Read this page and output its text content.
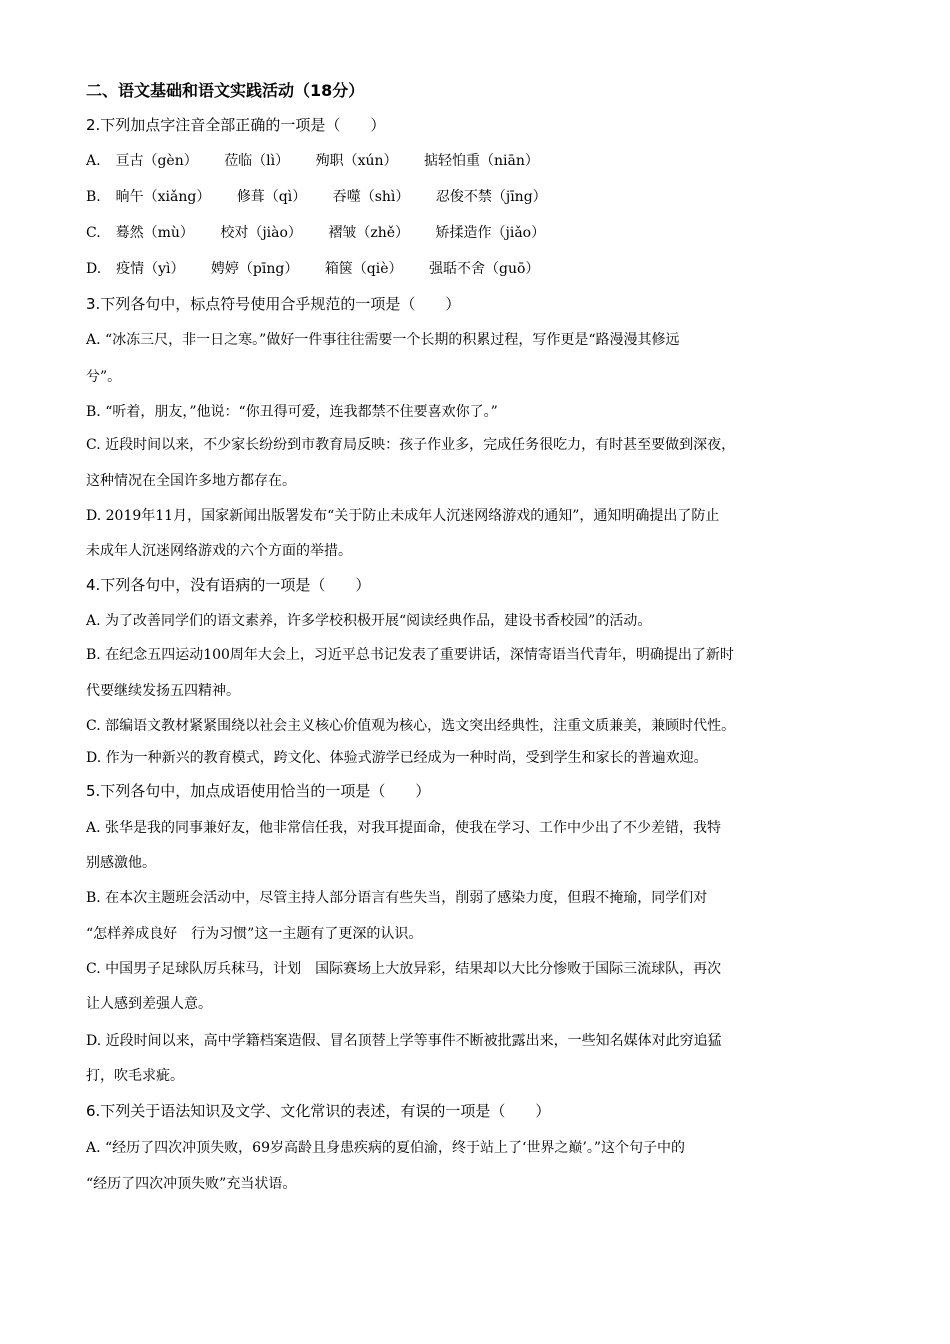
二、语文基础和语文实践活动（18分）
2.下列加点字注音全部正确的一项是（　　）
A. 亘古（gèn） 莅临（lì） 殉职（xún） 掂轻怕重（niān）
B. 晌午（xiǎng） 修葺（qì） 吞噬（shì） 忍俊不禁（jīng）
C. 蓦然（mù） 校对（jiào） 褶皱（zhě） 矫揉造作（jiǎo）
D. 疫情（yì） 娉婷（pīng） 箱箧（qiè） 强聒不舍（guō）
3.下列各句中，标点符号使用合乎规范的一项是（　　）
A. “冰冻三尺，非一日之寒。”做好一件事往往需要一个长期的积累过程，写作更是“路漫漫其修远
兮”。
B. “听着，朋友，”他说：“你丑得可爱，连我都禁不住要喜欢你了。”
C. 近段时间以来，不少家长纷纷到市教育局反映：孩子作业多，完成任务很吃力，有时甚至要做到深夜，
这种情况在全国许多地方都存在。
D. 2019年11月，国家新闻出版署发布“关于防止未成年人沉迷网络游戏的通知”，通知明确提出了防止
未成年人沉迷网络游戏的六个方面的举措。
4.下列各句中，没有语病的一项是（　　）
A. 为了改善同学们的语文素养，许多学校积极开展“阅读经典作品，建设书香校园”的活动。
B. 在纪念五四运动100周年大会上，习近平总书记发表了重要讲话，深情寄语当代青年，明确提出了新时
代要继续发扬五四精神。
C. 部编语文教材紧紧围绕以社会主义核心价值观为核心，选文突出经典性，注重文质兼美，兼顾时代性。
D. 作为一种新兴的教育模式，跨文化、体验式游学已经成为一种时尚，受到学生和家长的普遍欢迎。
5.下列各句中，加点成语使用恰当的一项是（　　）
A. 张华是我的同事兼好友，他非常信任我，对我耳提面命，使我在学习、工作中少出了不少差错，我特
别感激他。
B. 在本次主题班会活动中，尽管主持人部分语言有些失当，削弱了感染力度，但瑕不掩瑜，同学们对
“怎样养成良好　行为习惯”这一主题有了更深的认识。
C. 中国男子足球队厉兵秣马，计划　国际赛场上大放异彩，结果却以大比分惨败于国际三流球队，再次
让人感到差强人意。
D. 近段时间以来，高中学籍档案造假、冒名顶替上学等事件不断被批露出来，一些知名媒体对此穷追猛
打，吹毛求疵。
6.下列关于语法知识及文学、文化常识的表述，有误的一项是（　　）
A. “经历了四次冲顶失败，69岁高龄且身患疾病的夏伯渝，终于站上了‘世界之巅’。”这个句子中的
“经历了四次冲顶失败”充当状语。
